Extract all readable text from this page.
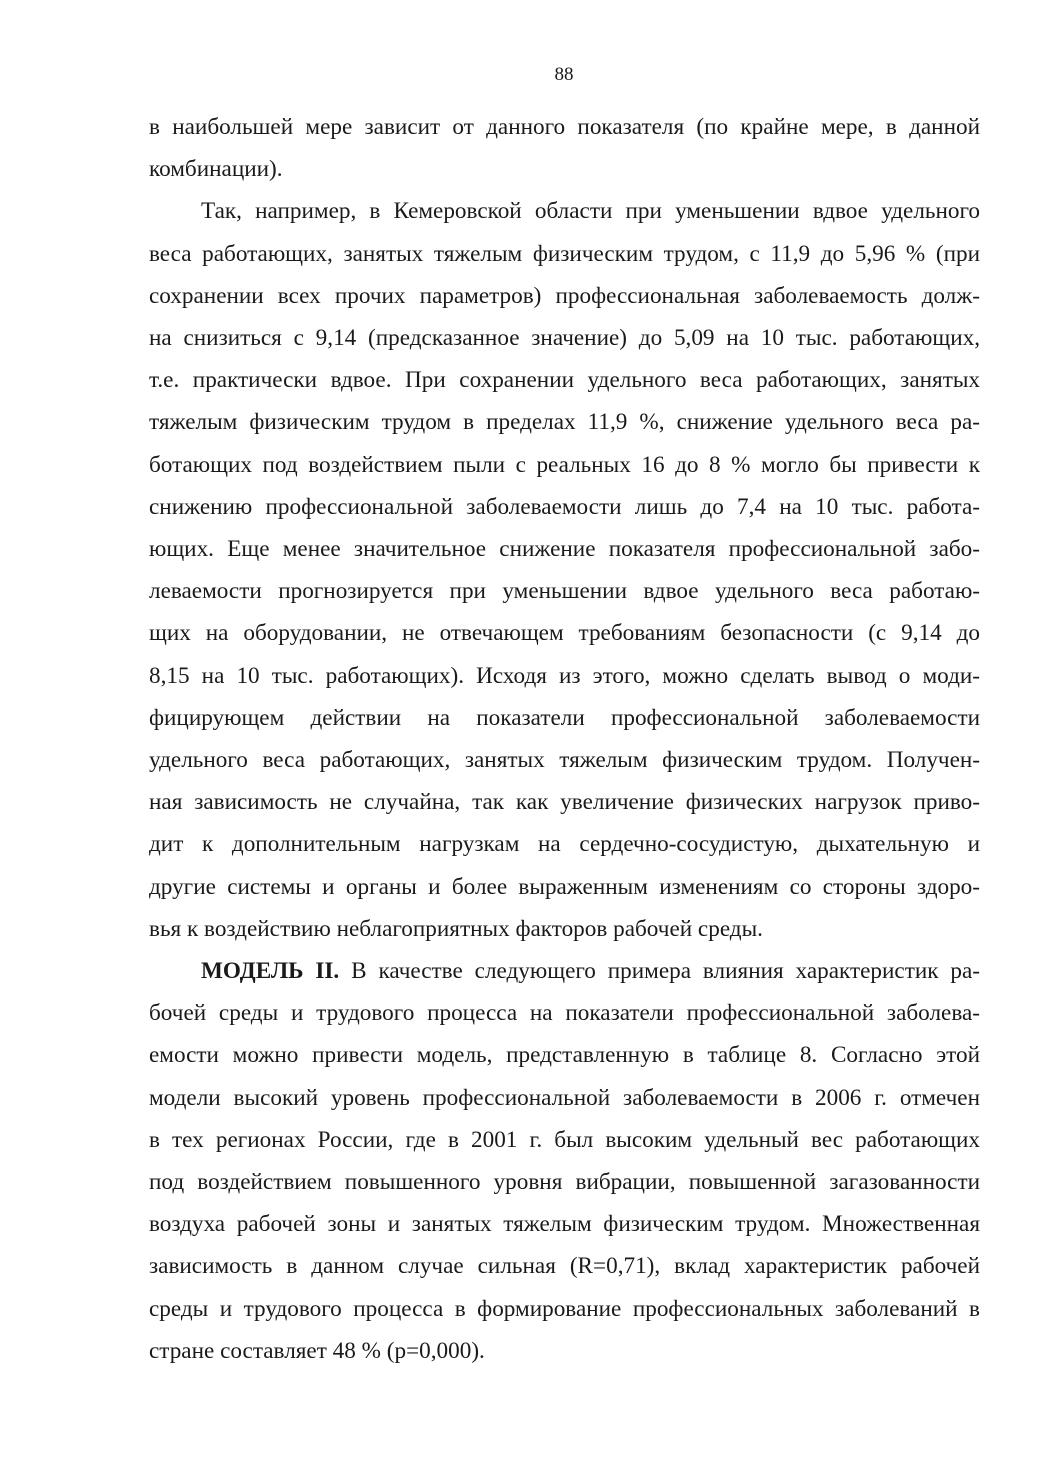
88
в наибольшей мере зависит от данного показателя (по крайне мере, в данной
комбинации).
Так, например, в Кемеровской области при уменьшении вдвое удельного
веса работающих, занятых тяжелым физическим трудом, с 11,9 до 5,96 % (при
сохранении всех прочих параметров) профессиональная заболеваемость долж-
на снизиться с 9,14 (предсказанное значение) до 5,09 на 10 тыс. работающих,
т.е. практически вдвое. При сохранении удельного веса работающих, занятых
тяжелым физическим трудом в пределах 11,9 %, снижение удельного веса ра-
ботающих под воздействием пыли с реальных 16 до 8 % могло бы привести к
снижению профессиональной заболеваемости лишь до 7,4 на 10 тыс. работа-
ющих. Еще менее значительное снижение показателя профессиональной забо-
леваемости прогнозируется при уменьшении вдвое удельного веса работаю-
щих на оборудовании, не отвечающем требованиям безопасности (с 9,14 до
8,15 на 10 тыс. работающих). Исходя из этого, можно сделать вывод о моди-
фицирующем действии на показатели профессиональной заболеваемости
удельного веса работающих, занятых тяжелым физическим трудом. Получен-
ная зависимость не случайна, так как увеличение физических нагрузок приво-
дит к дополнительным нагрузкам на сердечно-сосудистую, дыхательную и
другие системы и органы и более выраженным изменениям со стороны здоро-
вья к воздействию неблагоприятных факторов рабочей среды.
МОДЕЛЬ II. В качестве следующего примера влияния характеристик ра-
бочей среды и трудового процесса на показатели профессиональной заболева-
емости можно привести модель, представленную в таблице 8. Согласно этой
модели высокий уровень профессиональной заболеваемости в 2006 г. отмечен
в тех регионах России, где в 2001 г. был высоким удельный вес работающих
под воздействием повышенного уровня вибрации, повышенной загазованности
воздуха рабочей зоны и занятых тяжелым физическим трудом. Множественная
зависимость в данном случае сильная (R=0,71), вклад характеристик рабочей
среды и трудового процесса в формирование профессиональных заболеваний в
стране составляет 48 % (р=0,000).
